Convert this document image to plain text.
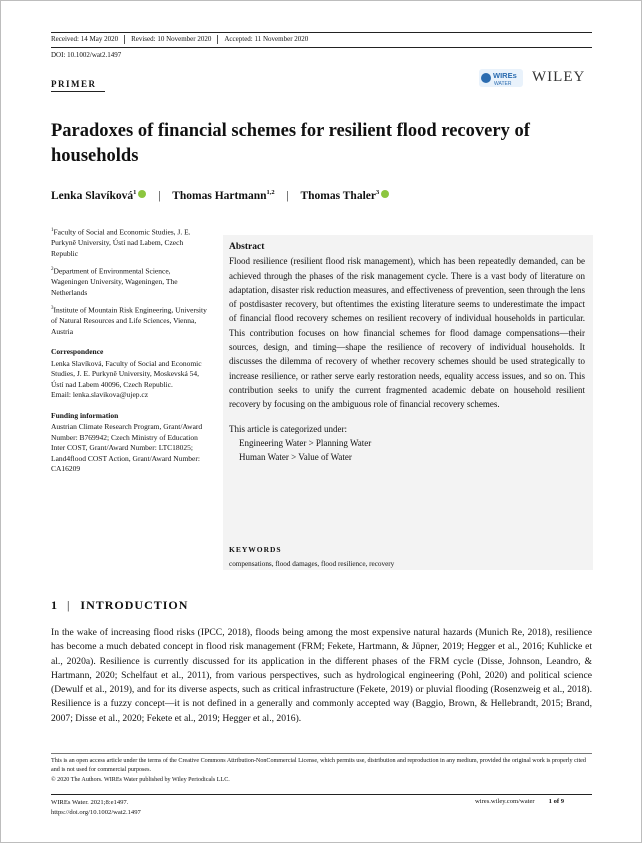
Received: 14 May 2020	Revised: 10 November 2020	Accepted: 11 November 2020
DOI: 10.1002/wat2.1497
PRIMER
WIREs
WATER WILEY
Paradoxes of financial schemes for resilient flood recovery of households
Lenka Slavíková$^1$ | Thomas Hartmann$^{1,2}$ | Thomas Thaler$^3$

$^1$Faculty of Social and Economic Studies, J. E. Purkyně University, Ústí nad Labem, Czech Republic

$^2$Department of Environmental Science, Wageningen University, Wageningen, The Netherlands

$^3$Institute of Mountain Risk Engineering, University of Natural Resources and Life Sciences, Vienna, Austria

Correspondence

Lenka Slavíková, Faculty of Social and Economic Studies, J. E. Purkyně University, Moskevská 54, Ústí nad Labem 40096, Czech Republic.

Email: lenka.slavikova@ujep.cz

Funding information

Austrian Climate Research Program, Grant/Award Number: B769942; Czech Ministry of Education Inter COST, Grant/Award Number: LTC18025; Land4flood COST Action, Grant/Award Number: CA16209

Abstract

Flood resilience (resilient flood risk management), which has been repeatedly demanded, can be achieved through the phases of the risk management cycle. There is a vast body of literature on adaptation, disaster risk reduction measures, and effectiveness of prevention, seen through the lens of postdisaster recovery, but oftentimes the existing literature seems to underestimate the impact of financial flood recovery schemes on resilient recovery of individual households in particular. This contribution focuses on how financial schemes for flood damage compensations—their sources, design, and timing—shape the resilience of recovery of individual households. It discusses the dilemma of recovery of whether recovery schemes should be used strategically to increase resilience, or rather serve early restoration needs, equality access issues, and so on. This contribution seeks to unify the current fragmented academic debate on household resilient recovery by focusing on the ambiguous role of financial recovery schemes.

This article is categorized under:

Engineering Water > Planning Water

Human Water > Value of Water

KEYWORDS
compensations, flood damages, flood resilience, recovery
1 | INTRODUCTION
In the wake of increasing flood risks (IPCC, 2018), floods being among the most expensive natural hazards (Munich Re, 2018), resilience has become a much debated concept in flood risk management (FRM; Fekete, Hartmann, & Jüpner, 2019; Hegger et al., 2016; Kuhlicke et al., 2020a). Resilience is currently discussed for its application in the different phases of the FRM cycle (Disse, Johnson, Leandro, & Hartmann, 2020; Schelfaut et al., 2011), from various perspectives, such as hydrological engineering (Pohl, 2020) and political science (Dewulf et al., 2019), and for its diverse aspects, such as critical infrastructure (Fekete, 2019) or pluvial flooding (Rosenzweig et al., 2018). Resilience is a fuzzy concept—it is not defined in a generally and commonly accepted way (Baggio, Brown, & Hellebrandt, 2015; Brand, 2007; Disse et al., 2020; Fekete et al., 2019; Hegger et al., 2016).

This is an open access article under the terms of the Creative Commons Attribution-NonCommercial License, which permits use, distribution and reproduction in any medium, provided the original work is properly cited and is not used for commercial purposes.

© 2020 The Authors. WIREs Water published by Wiley Periodicals LLC.

WIREs Water. 2021;8:e1497.
https://doi.org/10.1002/wat2.1497
wires.wiley.com/water 1 of 9
